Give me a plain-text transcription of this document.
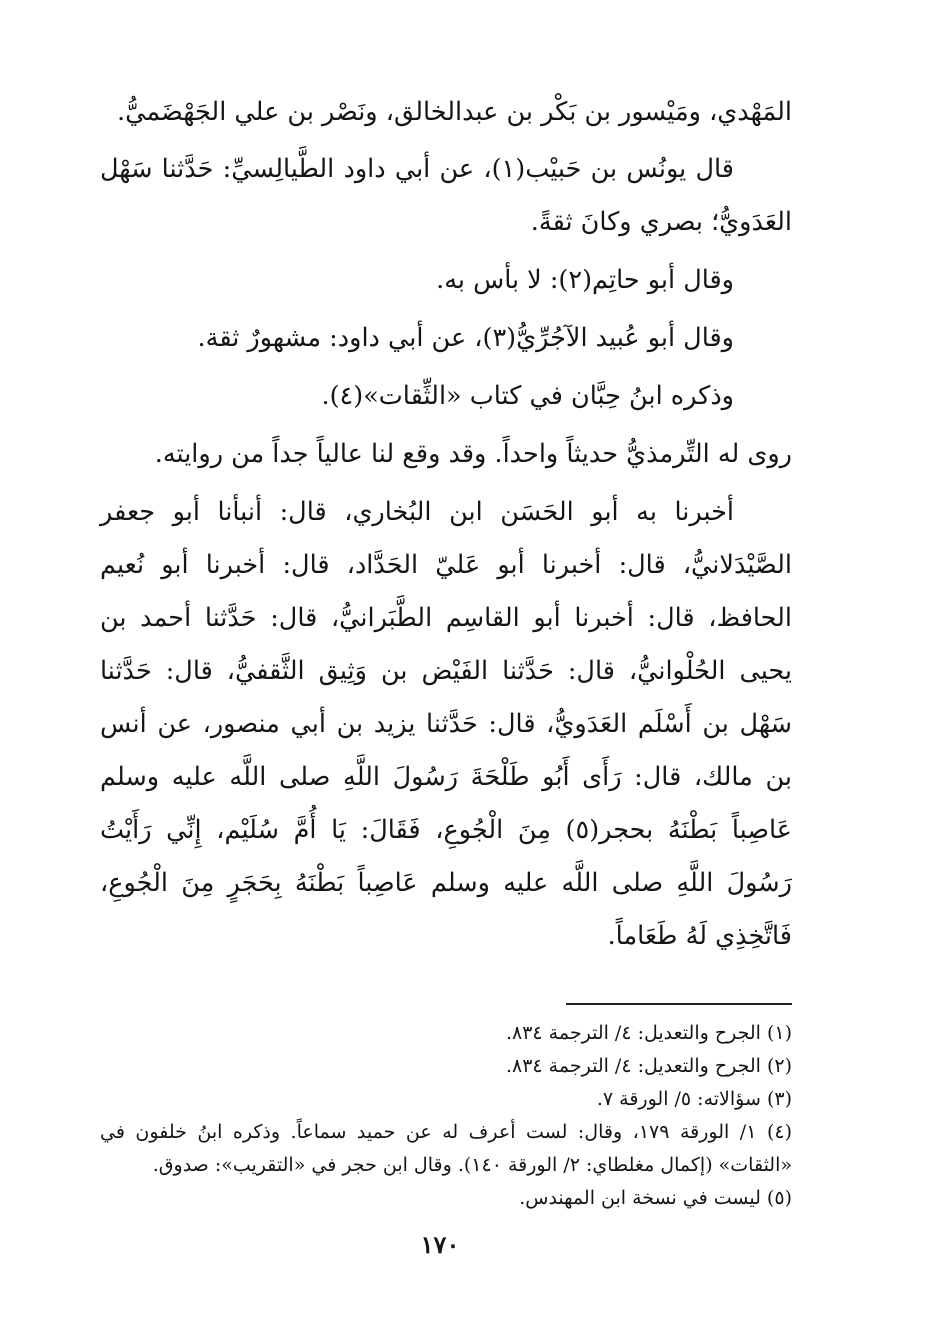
المَهْدي، ومَيْسور بن بَكْر بن عبدالخالق، ونَصْر بن علي الجَهْضَميُّ.

قال يونُس بن حَبيْب(١)، عن أبي داود الطَّيالِسيِّ: حَدَّثنا سَهْل العَدَويُّ؛ بصري وكانَ ثقةً.

وقال أبو حاتِم(٢): لا بأس به.

وقال أبو عُبيد الآجُرِّيُّ(٣)، عن أبي داود: مشهورٌ ثقة.

وذكره ابنُ حِبَّان في كتاب «الثِّقات»(٤).

روى له التِّرمذيُّ حديثاً واحداً. وقد وقع لنا عالياً جداً من روايته.

أخبرنا به أبو الحَسَن ابن البُخاري، قال: أنبأنا أبو جعفر الصَّيْدَلانيُّ، قال: أخبرنا أبو عَليّ الحَدَّاد، قال: أخبرنا أبو نُعيم الحافظ، قال: أخبرنا أبو القاسِم الطَّبَرانيُّ، قال: حَدَّثنا أحمد بن يحيى الحُلْوانيُّ، قال: حَدَّثنا الفَيْض بن وَثِيق الثَّقفيُّ، قال: حَدَّثنا سَهْل بن أَسْلَم العَدَويُّ، قال: حَدَّثنا يزيد بن أبي منصور، عن أنس بن مالك، قال: رَأَى أَبُو طَلْحَةَ رَسُولَ اللَّهِ صلى اللَّه عليه وسلم عَاصِباً بَطْنَهُ بحجر(٥) مِنَ الْجُوعِ، فَقَالَ: يَا أُمَّ سُلَيْم، إِنِّي رَأَيْتُ رَسُولَ اللَّهِ صلى اللَّه عليه وسلم عَاصِباً بَطْنَهُ بِحَجَرٍ مِنَ الْجُوعِ، فَاتَّخِذِي لَهُ طَعَاماً.

(١) الجرح والتعديل: ٤/ الترجمة ٨٣٤.

(٢) الجرح والتعديل: ٤/ الترجمة ٨٣٤.

(٣) سؤالاته: ٥/ الورقة ٧.

(٤) ١/ الورقة ١٧٩، وقال: لست أعرف له عن حميد سماعاً. وذكره ابنُ خلفون في «الثقات» (إكمال مغلطاي: ٢/ الورقة ١٤٠). وقال ابن حجر في «التقريب»: صدوق.

(٥) ليست في نسخة ابن المهندس.

١٧٠
